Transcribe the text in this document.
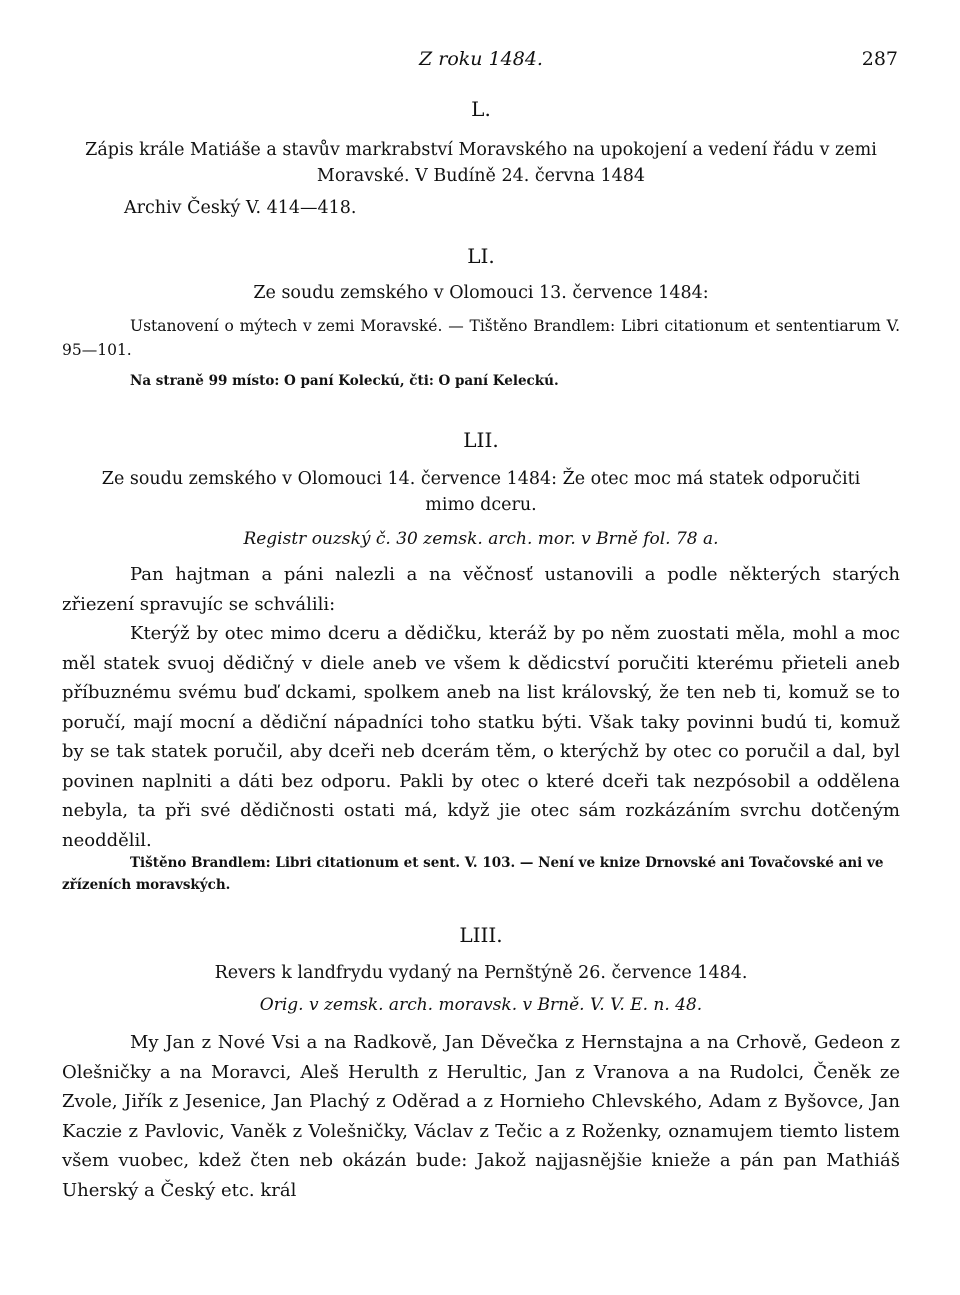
Z roku 1484.	287
L.
Zápis krále Matiáše a stavův markrabství Moravského na upokojení a vedení řádu v zemi Moravské. V Budíně 24. června 1484
Archiv Český V. 414—418.
LI.
Ze soudu zemského v Olomouci 13. července 1484:

Ustanovení o mýtech v zemi Moravské. — Tištěno Brandlem: Libri citationum et sententiarum V. 95—101.

Na straně 99 místo: O paní Koleckú, čti: O paní Keleckú.

LII.
Ze soudu zemského v Olomouci 14. července 1484: Že otec moc má statek odporučiti mimo dceru.
Registr ouzský č. 30 zemsk. arch. mor. v Brně fol. 78 a.

Pan hajtman a páni nalezli a na věčnosť ustanovili a podle některých starých zřiezení spravujíc se schválili:

Kterýž by otec mimo dceru a dědičku, kteráž by po něm zuostati měla, mohl a moc měl statek svuoj dědičný v diele aneb ve všem k dědicství poručiti kterému přieteli aneb příbuznému svému buď dckami, spolkem aneb na list královský, že ten neb ti, komuž se to poručí, mají mocní a dědiční nápadníci toho statku býti. Však taky povinni budú ti, komuž by se tak statek poručil, aby dceři neb dcerám těm, o kterýchž by otec co poručil a dal, byl povinen naplniti a dáti bez odporu. Pakli by otec o které dceři tak nezpósobil a oddělena nebyla, ta při své dědičnosti ostati má, když jie otec sám rozkázáním svrchu dotčeným neoddělil.

Tištěno Brandlem: Libri citationum et sent. V. 103. — Není ve knize Drnovské ani Tovačovské ani ve zřízeních moravských.

LIII.
Revers k landfrydu vydaný na Pernštýně 26. července 1484.
Orig. v zemsk. arch. moravsk. v Brně. V. V. E. n. 48.

My Jan z Nové Vsi a na Radkově, Jan Děvečka z Hernstajna a na Crhově, Gedeon z Olešničky a na Moravci, Aleš Herulth z Herultic, Jan z Vranova a na Rudolci, Čeněk ze Zvole, Jiřík z Jesenice, Jan Plachý z Oděrad a z Hornieho Chlevského, Adam z Byšovce, Jan Kaczie z Pavlovic, Vaněk z Volešničky, Václav z Tečic a z Roženky, oznamujem tiemto listem všem vuobec, kdež čten neb okázán bude: Jakož najjasnějšie knieže a pán pan Mathiáš Uherský a Český etc. král
